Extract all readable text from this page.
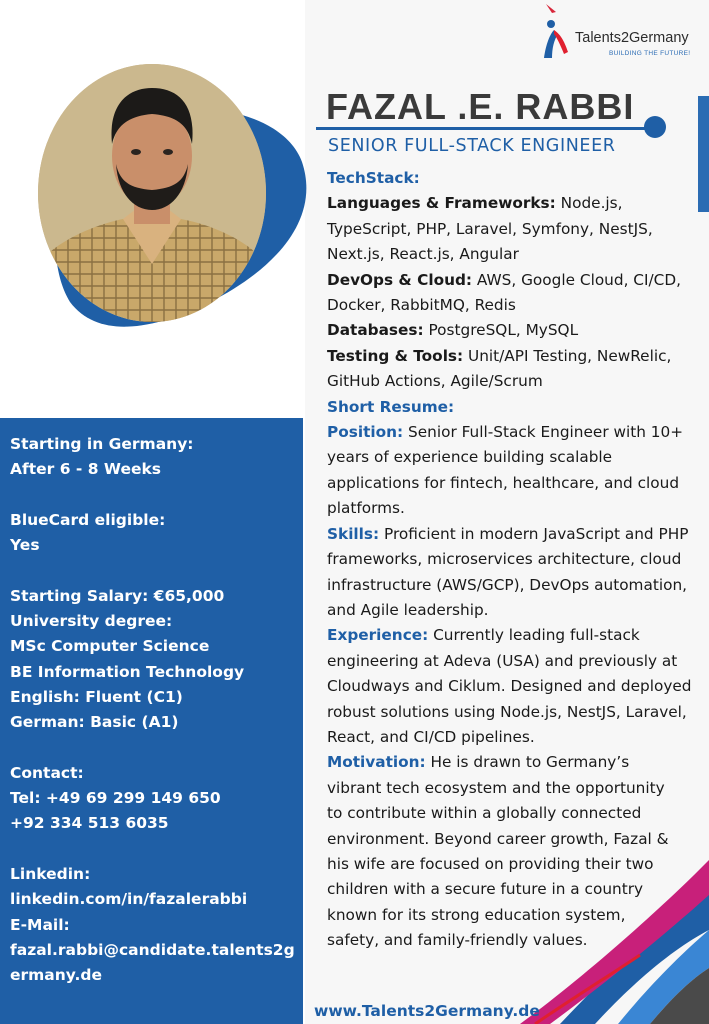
Talents2Germany
BUILDING THE FUTURE!
FAZAL .E. RABBI
SENIOR FULL-STACK ENGINEER
Starting in Germany:
After 6 - 8 Weeks
BlueCard eligible:
Yes
Starting Salary: €65,000
University degree:
MSc Computer Science
BE Information Technology
English: Fluent (C1)
German: Basic (A1)
Contact:
Tel: +49 69 299 149 650
+92 334 513 6035
Linkedin:
linkedin.com/in/fazalerabbi
E-Mail:
fazal.rabbi@candidate.talents2germany.de
TechStack:
Languages & Frameworks: Node.js, TypeScript, PHP, Laravel, Symfony, NestJS, Next.js, React.js, Angular
DevOps & Cloud: AWS, Google Cloud, CI/CD, Docker, RabbitMQ, Redis
Databases: PostgreSQL, MySQL
Testing & Tools: Unit/API Testing, NewRelic, GitHub Actions, Agile/Scrum
Short Resume:
Position: Senior Full-Stack Engineer with 10+ years of experience building scalable applications for fintech, healthcare, and cloud platforms.
Skills: Proficient in modern JavaScript and PHP frameworks, microservices architecture, cloud infrastructure (AWS/GCP), DevOps automation, and Agile leadership.
Experience: Currently leading full-stack engineering at Adeva (USA) and previously at Cloudways and Ciklum. Designed and deployed robust solutions using Node.js, NestJS, Laravel, React, and CI/CD pipelines.
Motivation: He is drawn to Germany’s vibrant tech ecosystem and the opportunity to contribute within a globally connected environment. Beyond career growth, Fazal & his wife are focused on providing their two children with a secure future in a country known for its strong education system, safety, and family-friendly values.
www.Talents2Germany.de
